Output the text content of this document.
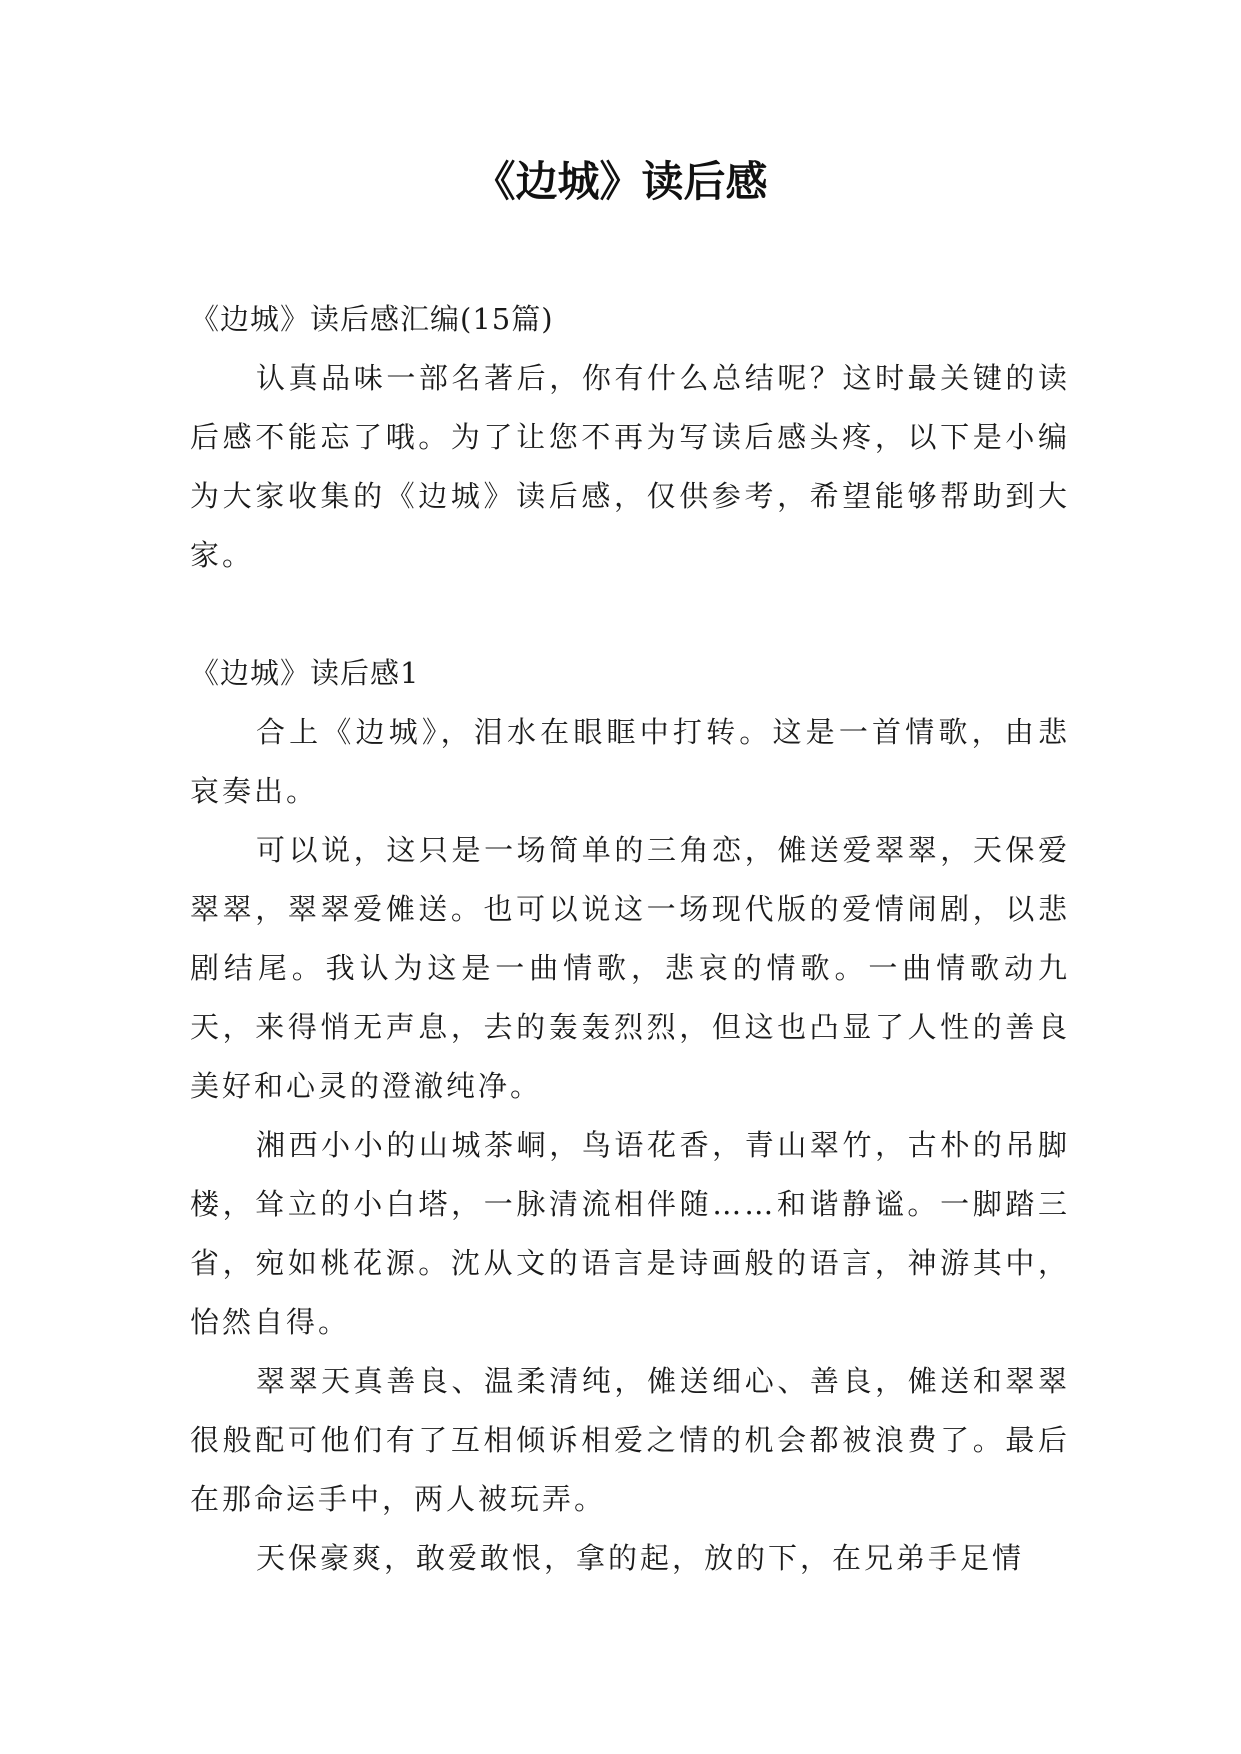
《边城》读后感

《边城》读后感汇编(15篇)

认真品味一部名著后，你有什么总结呢？这时最关键的读后感不能忘了哦。为了让您不再为写读后感头疼，以下是小编为大家收集的《边城》读后感，仅供参考，希望能够帮助到大家。

《边城》读后感1

合上《边城》，泪水在眼眶中打转。这是一首情歌，由悲哀奏出。

可以说，这只是一场简单的三角恋，傩送爱翠翠，天保爱翠翠，翠翠爱傩送。也可以说这一场现代版的爱情闹剧，以悲剧结尾。我认为这是一曲情歌，悲哀的情歌。一曲情歌动九天，来得悄无声息，去的轰轰烈烈，但这也凸显了人性的善良美好和心灵的澄澈纯净。

湘西小小的山城茶峒，鸟语花香，青山翠竹，古朴的吊脚楼，耸立的小白塔，一脉清流相伴随……和谐静谧。一脚踏三省，宛如桃花源。沈从文的语言是诗画般的语言，神游其中，怡然自得。

翠翠天真善良、温柔清纯，傩送细心、善良，傩送和翠翠很般配可他们有了互相倾诉相爱之情的机会都被浪费了。最后在那命运手中，两人被玩弄。

天保豪爽，敢爱敢恨，拿的起，放的下，在兄弟手足情
